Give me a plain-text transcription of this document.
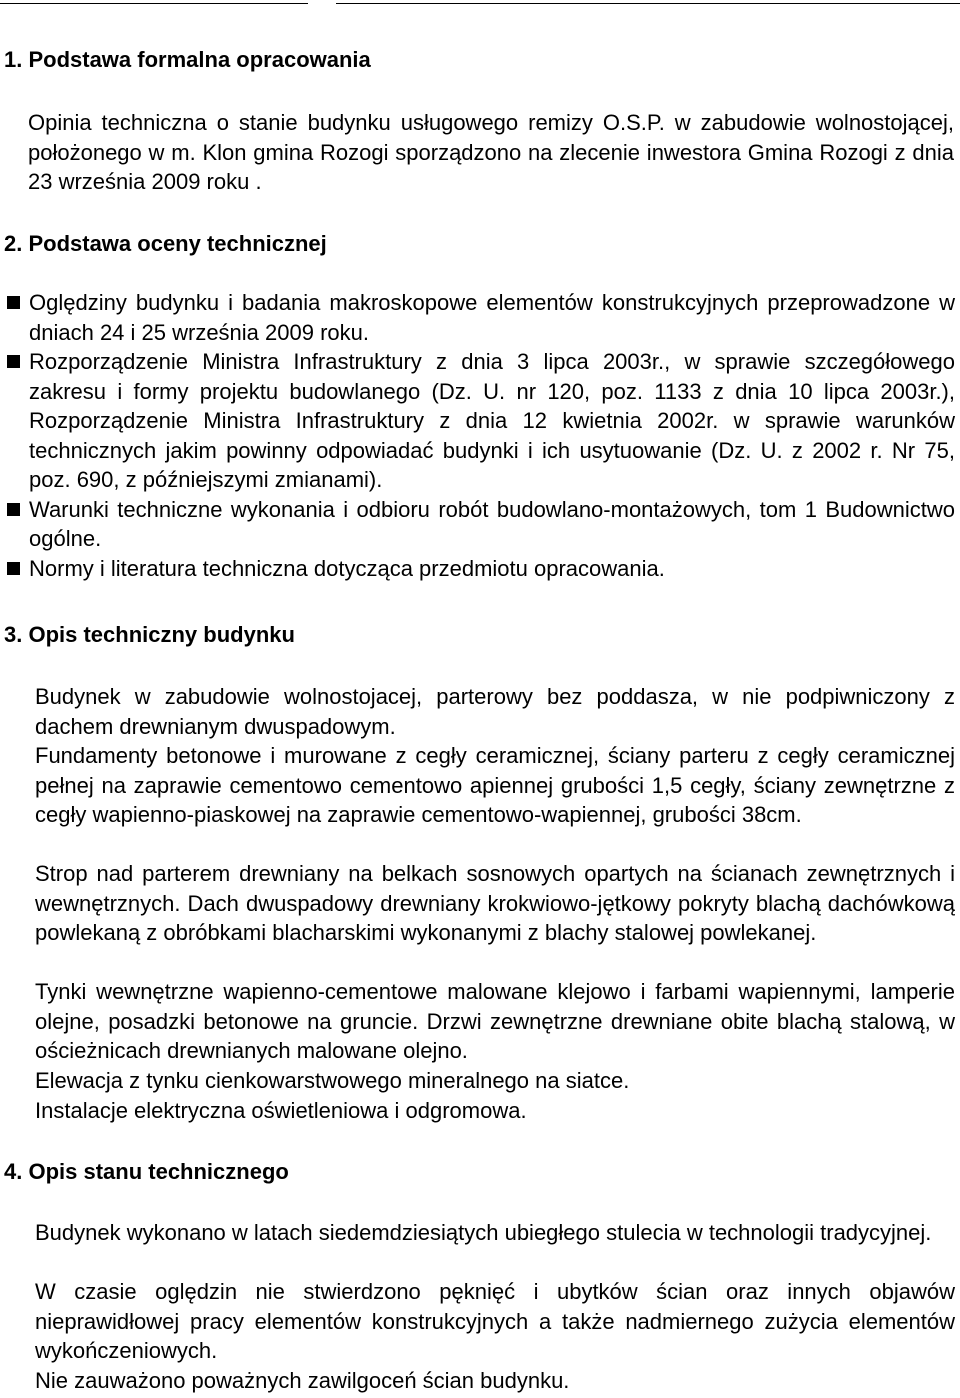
1. Podstawa formalna opracowania

Opinia techniczna o stanie budynku usługowego remizy O.S.P. w zabudowie wolnostojącej, położonego w m. Klon gmina Rozogi sporządzono na zlecenie inwestora Gmina Rozogi z dnia 23 września 2009 roku .

2. Podstawa oceny technicznej
Oględziny budynku i badania makroskopowe elementów konstrukcyjnych przeprowadzone w dniach 24 i 25 września 2009 roku.
Rozporządzenie Ministra Infrastruktury z dnia 3 lipca 2003r., w sprawie szczegółowego zakresu i formy projektu budowlanego (Dz. U. nr 120, poz. 1133 z dnia 10 lipca 2003r.), Rozporządzenie Ministra Infrastruktury z dnia 12 kwietnia 2002r. w sprawie warunków technicznych jakim powinny odpowiadać budynki i ich usytuowanie (Dz. U. z 2002 r. Nr 75, poz. 690, z późniejszymi zmianami).
Warunki techniczne wykonania i odbioru robót budowlano-montażowych, tom 1 Budownictwo ogólne.
Normy i literatura techniczna dotycząca przedmiotu opracowania.
3. Opis techniczny budynku

Budynek w zabudowie wolnostojacej, parterowy bez poddasza, w nie podpiwniczony z dachem drewnianym dwuspadowym.

Fundamenty betonowe i murowane z cegły ceramicznej, ściany parteru z cegły ceramicznej pełnej na zaprawie cementowo cementowo apiennej grubości 1,5 cegły, ściany zewnętrzne z cegły wapienno-piaskowej na zaprawie cementowo-wapiennej, grubości 38cm.

Strop nad parterem drewniany na belkach sosnowych opartych na ścianach zewnętrznych i wewnętrznych. Dach dwuspadowy drewniany krokwiowo-jętkowy pokryty blachą dachówkową powlekaną z obróbkami blacharskimi wykonanymi z blachy stalowej powlekanej.

Tynki wewnętrzne wapienno-cementowe malowane klejowo i farbami wapiennymi, lamperie olejne, posadzki betonowe na gruncie. Drzwi zewnętrzne drewniane obite blachą stalową, w ościeżnicach drewnianych malowane olejno.

Elewacja z tynku cienkowarstwowego mineralnego na siatce.

Instalacje elektryczna oświetleniowa i odgromowa.

4. Opis stanu technicznego

Budynek wykonano w latach siedemdziesiątych ubiegłego stulecia w technologii tradycyjnej.

W czasie oględzin nie stwierdzono pęknięć i ubytków ścian oraz innych objawów nieprawidłowej pracy elementów konstrukcyjnych a także nadmiernego zużycia elementów wykończeniowych.

Nie zauważono poważnych zawilgoceń ścian budynku.
